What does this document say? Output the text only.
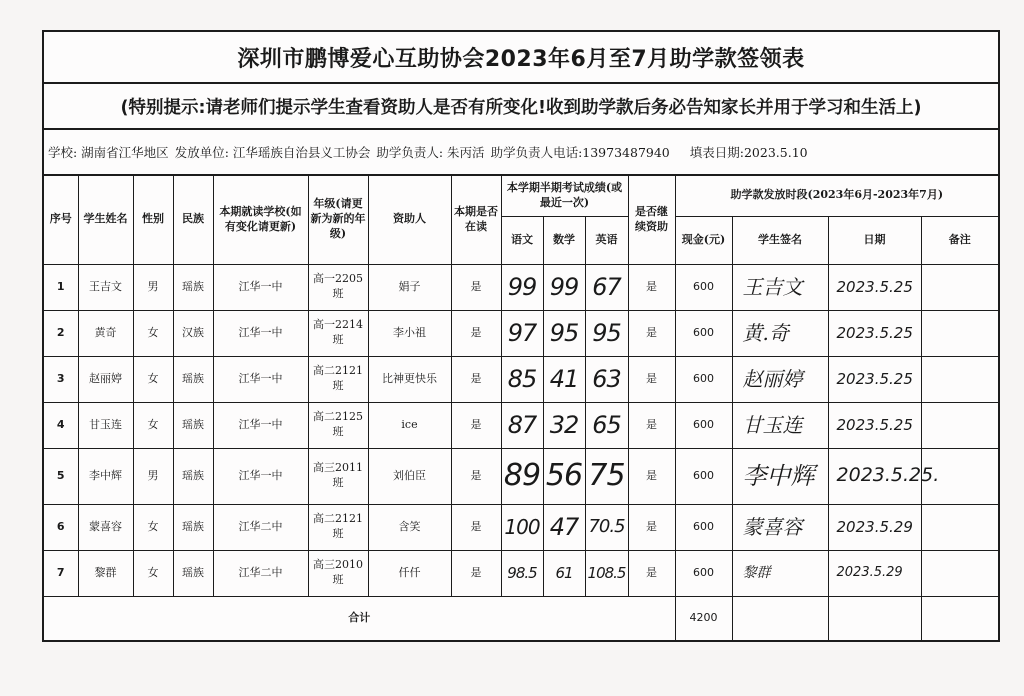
深圳市鹏博爱心互助协会2023年6月至7月助学款签领表
(特别提示:请老师们提示学生查看资助人是否有所变化!收到助学款后务必告知家长并用于学习和生活上)
学校: 湖南省江华地区 发放单位: 江华瑶族自治县义工协会 助学负责人: 朱丙活 助学负责人电话:13973487940 填表日期:2023.5.10
序号	学生姓名	性别	民族	本期就读学校(如有变化请更新)	年级(请更新为新的年级)	资助人	本期是否在读	本学期半期考试成绩(或最近一次)			是否继续资助	助学款发放时段(2023年6月-2023年7月)			
								语文	数学	英语		现金(元)	学生签名	日期	备注
1	王吉文	男	瑶族	江华一中	高一2205班	娟子	是	99	99	67	是	600	王吉文	2023.5.25	
2	黄奇	女	汉族	江华一中	高一2214班	李小祖	是	97	95	95	是	600	黄.奇	2023.5.25	
3	赵丽婷	女	瑶族	江华一中	高二2121班	比神更快乐	是	85	41	63	是	600	赵丽婷	2023.5.25	
4	甘玉连	女	瑶族	江华一中	高二2125班	ice	是	87	32	65	是	600	甘玉连	2023.5.25	
5	李中辉	男	瑶族	江华一中	高三2011班	刘伯臣	是	89	56	75	是	600	李中辉	2023.5.25.	
6	蒙喜容	女	瑶族	江华二中	高二2121班	含笑	是	100	47	70.5	是	600	蒙喜容	2023.5.29	
7	黎群	女	瑶族	江华二中	高三2010班	仟仟	是	98.5	61	108.5	是	600	黎群	2023.5.29	
合计												4200			
